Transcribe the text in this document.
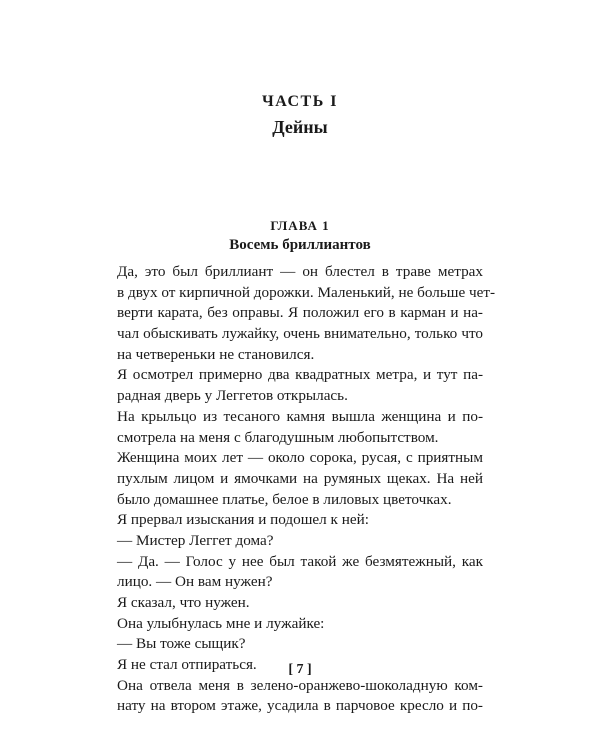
ЧАСТЬ I

Дейны

ГЛАВА 1

Восемь бриллиантов

Да, это был бриллиант — он блестел в траве метрах
в двух от кирпичной дорожки. Маленький, не больше чет-
верти карата, без оправы. Я положил его в карман и на-
чал обыскивать лужайку, очень внимательно, только что
на четвереньки не становился.
Я осмотрел примерно два квадратных метра, и тут па-
радная дверь у Леггетов открылась.
На крыльцо из тесаного камня вышла женщина и по-
смотрела на меня с благодушным любопытством.
Женщина моих лет — около сорока, русая, с приятным
пухлым лицом и ямочками на румяных щеках. На ней
было домашнее платье, белое в лиловых цветочках.
Я прервал изыскания и подошел к ней:
— Мистер Леггет дома?
— Да. — Голос у нее был такой же безмятежный, как
лицо. — Он вам нужен?
Я сказал, что нужен.
Она улыбнулась мне и лужайке:
— Вы тоже сыщик?
Я не стал отпираться.
Она отвела меня в зелено-оранжево-шоколадную ком-
нату на втором этаже, усадила в парчовое кресло и по-

[ 7 ]
